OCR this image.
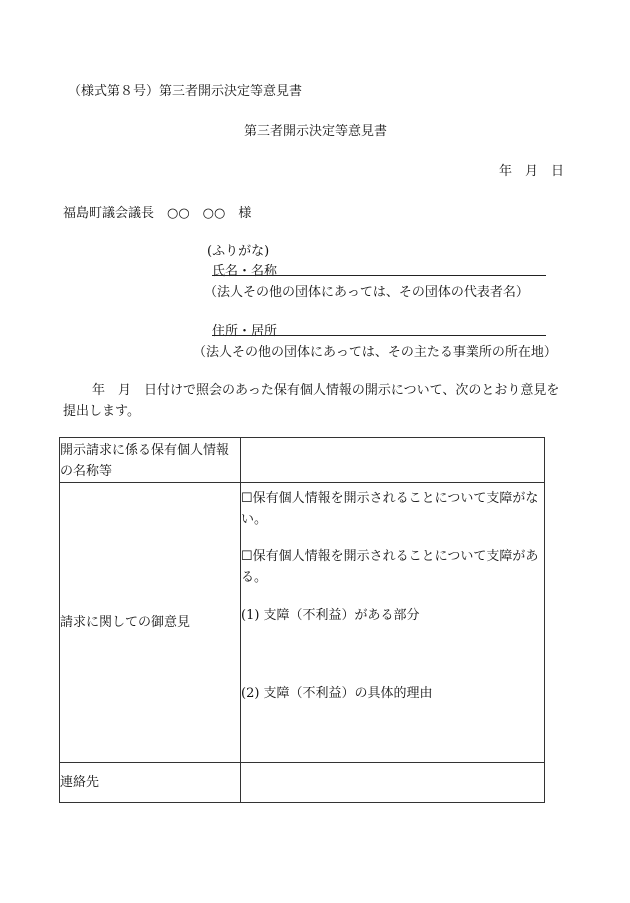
（様式第８号）第三者開示決定等意見書
第三者開示決定等意見書
年　月　日
福島町議会議長　○○　○○　様
(ふりがな)
氏名・名称
（法人その他の団体にあっては、その団体の代表者名）
住所・居所
（法人その他の団体にあっては、その主たる事業所の所在地）
年　月　日付けで照会のあった保有個人情報の開示について、次のとおり意見を
提出します。
開示請求に係る保有個人情報の名称等	
請求に関しての御意見	☐保有個人情報を開示されることについて支障がない。
☐保有個人情報を開示されることについて支障がある。
(1) 支障（不利益）がある部分
(2) 支障（不利益）の具体的理由

連絡先	
